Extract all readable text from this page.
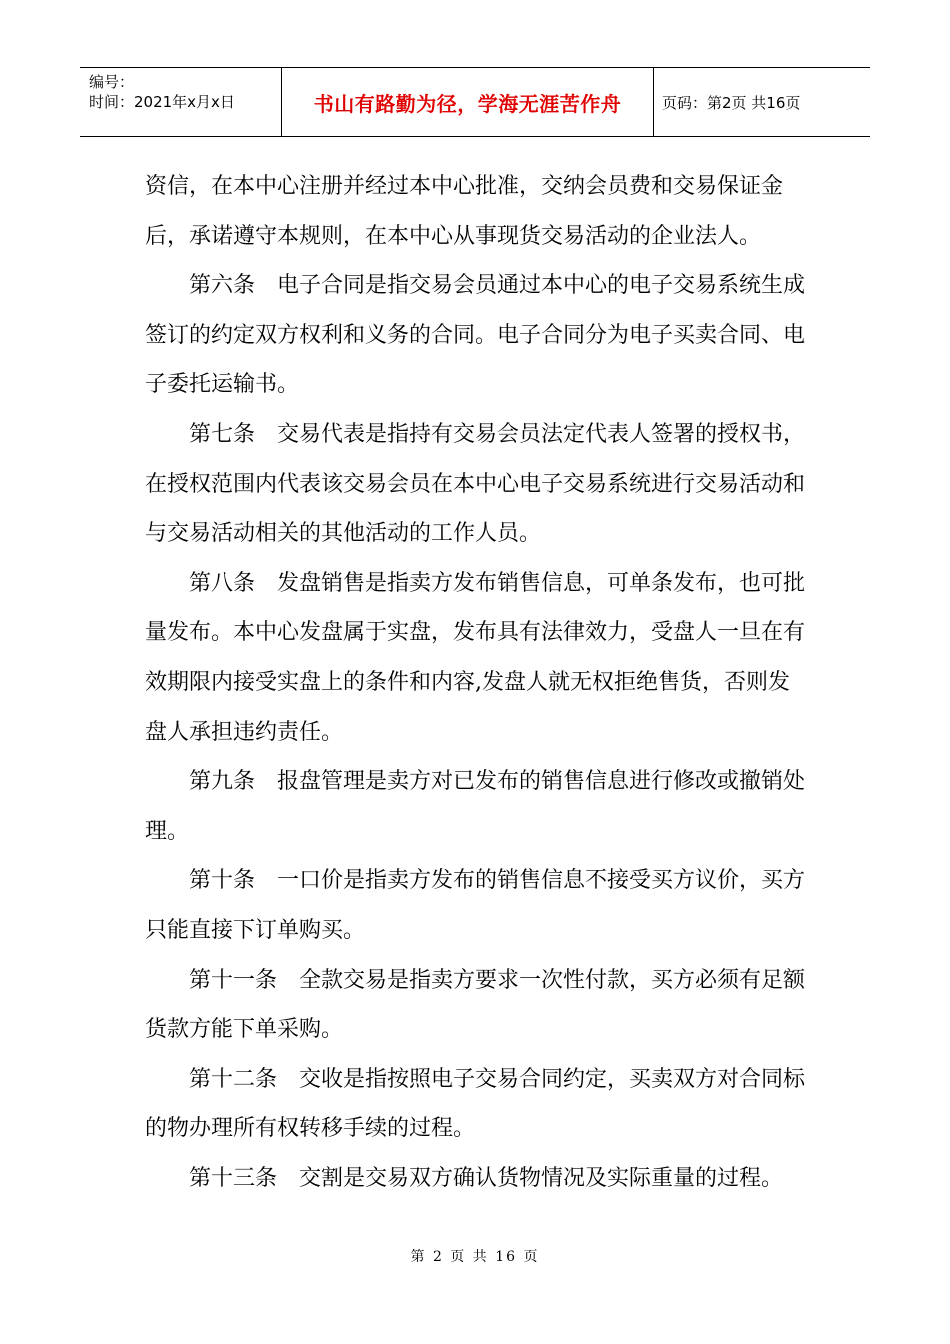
编号：
时间：2021年x月x日	书山有路勤为径，学海无涯苦作舟	页码：第2页 共16页

资信，在本中心注册并经过本中心批准，交纳会员费和交易保证金后，承诺遵守本规则，在本中心从事现货交易活动的企业法人。

第六条 电子合同是指交易会员通过本中心的电子交易系统生成签订的约定双方权利和义务的合同。电子合同分为电子买卖合同、电子委托运输书。

第七条 交易代表是指持有交易会员法定代表人签署的授权书，在授权范围内代表该交易会员在本中心电子交易系统进行交易活动和与交易活动相关的其他活动的工作人员。

第八条 发盘销售是指卖方发布销售信息，可单条发布，也可批量发布。本中心发盘属于实盘，发布具有法律效力，受盘人一旦在有效期限内接受实盘上的条件和内容,发盘人就无权拒绝售货，否则发盘人承担违约责任。

第九条 报盘管理是卖方对已发布的销售信息进行修改或撤销处理。

第十条 一口价是指卖方发布的销售信息不接受买方议价，买方只能直接下订单购买。

第十一条 全款交易是指卖方要求一次性付款，买方必须有足额货款方能下单采购。

第十二条 交收是指按照电子交易合同约定，买卖双方对合同标的物办理所有权转移手续的过程。

第十三条 交割是交易双方确认货物情况及实际重量的过程。

第 2 页 共 16 页
